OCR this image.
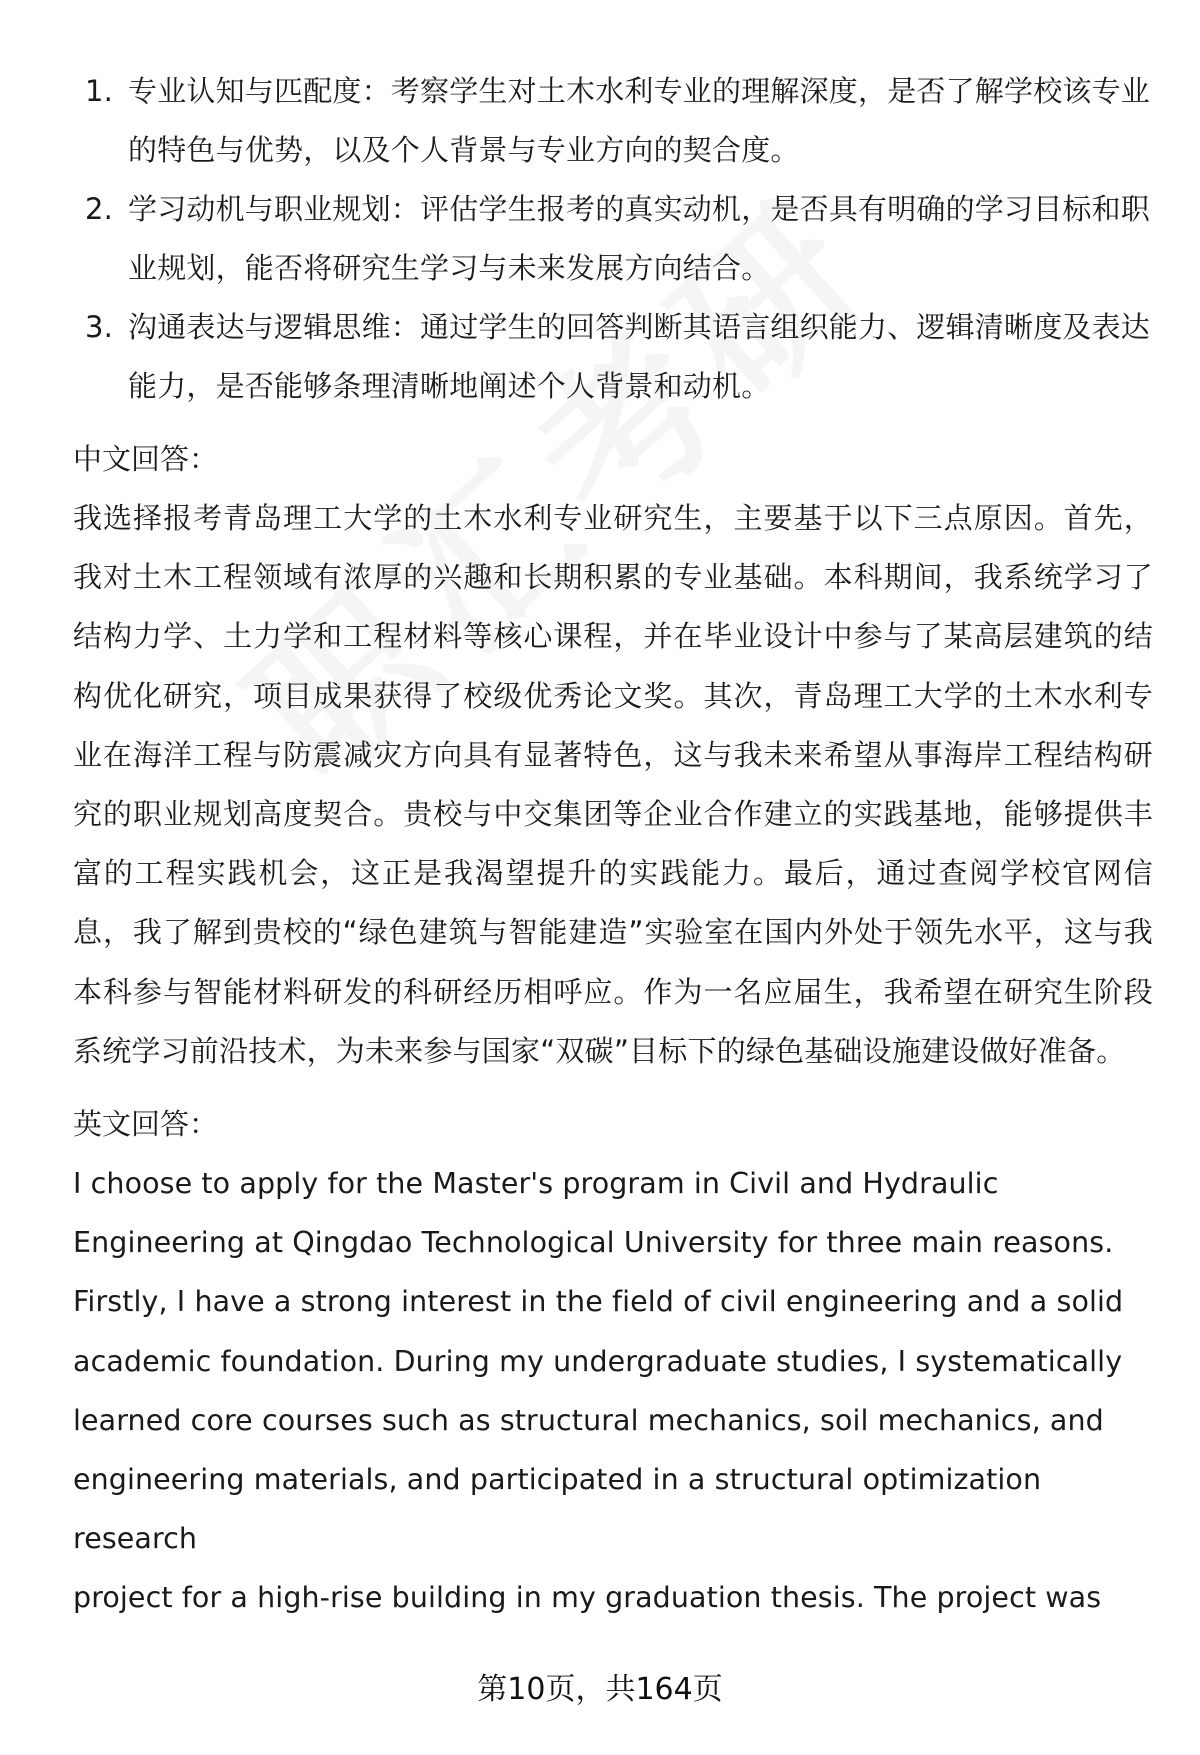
1. 专业认知与匹配度：考察学生对土木水利专业的理解深度，是否了解学校该专业的特色与优势，以及个人背景与专业方向的契合度。
2. 学习动机与职业规划：评估学生报考的真实动机，是否具有明确的学习目标和职业规划，能否将研究生学习与未来发展方向结合。
3. 沟通表达与逻辑思维：通过学生的回答判断其语言组织能力、逻辑清晰度及表达能力，是否能够条理清晰地阐述个人背景和动机。
中文回答：
我选择报考青岛理工大学的土木水利专业研究生，主要基于以下三点原因。首先，我对土木工程领域有浓厚的兴趣和长期积累的专业基础。本科期间，我系统学习了结构力学、土力学和工程材料等核心课程，并在毕业设计中参与了某高层建筑的结构优化研究，项目成果获得了校级优秀论文奖。其次，青岛理工大学的土木水利专业在海洋工程与防震减灾方向具有显著特色，这与我未来希望从事海岸工程结构研究的职业规划高度契合。贵校与中交集团等企业合作建立的实践基地，能够提供丰富的工程实践机会，这正是我渴望提升的实践能力。最后，通过查阅学校官网信息，我了解到贵校的“绿色建筑与智能建造”实验室在国内外处于领先水平，这与我本科参与智能材料研发的科研经历相呼应。作为一名应届生，我希望在研究生阶段系统学习前沿技术，为未来参与国家“双碳”目标下的绿色基础设施建设做好准备。
英文回答：
I choose to apply for the Master's program in Civil and Hydraulic
Engineering at Qingdao Technological University for three main reasons.
Firstly, I have a strong interest in the field of civil engineering and a solid
academic foundation. During my undergraduate studies, I systematically
learned core courses such as structural mechanics, soil mechanics, and
engineering materials, and participated in a structural optimization research
project for a high-rise building in my graduation thesis. The project was
第10页，共164页
